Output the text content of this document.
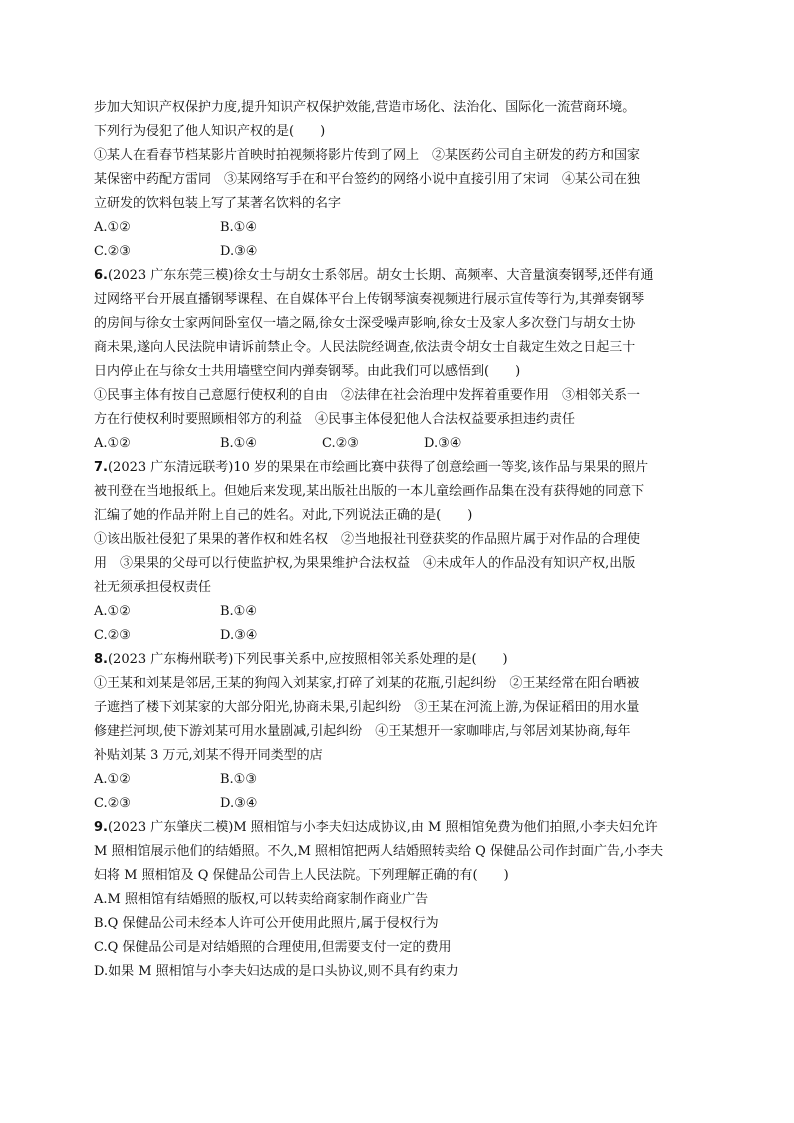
步加大知识产权保护力度,提升知识产权保护效能,营造市场化、法治化、国际化一流营商环境。
下列行为侵犯了他人知识产权的是(　　)
①某人在看春节档某影片首映时拍视频将影片传到了网上　②某医药公司自主研发的药方和国家
某保密中药配方雷同　③某网络写手在和平台签约的网络小说中直接引用了宋词　④某公司在独
立研发的饮料包装上写了某著名饮料的名字
A.①②	B.①④
C.②③	D.③④
6.(2023 广东东莞三模)徐女士与胡女士系邻居。胡女士长期、高频率、大音量演奏钢琴,还伴有通
过网络平台开展直播钢琴课程、在自媒体平台上传钢琴演奏视频进行展示宣传等行为,其弹奏钢琴
的房间与徐女士家两间卧室仅一墙之隔,徐女士深受噪声影响,徐女士及家人多次登门与胡女士协
商未果,遂向人民法院申请诉前禁止令。人民法院经调查,依法责令胡女士自裁定生效之日起三十
日内停止在与徐女士共用墙壁空间内弹奏钢琴。由此我们可以感悟到(　　)
①民事主体有按自己意愿行使权利的自由　②法律在社会治理中发挥着重要作用　③相邻关系一
方在行使权利时要照顾相邻方的利益　④民事主体侵犯他人合法权益要承担违约责任
A.①②	B.①④	C.②③	D.③④
7.(2023 广东清远联考)10 岁的果果在市绘画比赛中获得了创意绘画一等奖,该作品与果果的照片
被刊登在当地报纸上。但她后来发现,某出版社出版的一本儿童绘画作品集在没有获得她的同意下
汇编了她的作品并附上自己的姓名。对此,下列说法正确的是(　　)
①该出版社侵犯了果果的著作权和姓名权　②当地报社刊登获奖的作品照片属于对作品的合理使
用　③果果的父母可以行使监护权,为果果维护合法权益　④未成年人的作品没有知识产权,出版
社无须承担侵权责任
A.①②	B.①④
C.②③	D.③④
8.(2023 广东梅州联考)下列民事关系中,应按照相邻关系处理的是(　　)
①王某和刘某是邻居,王某的狗闯入刘某家,打碎了刘某的花瓶,引起纠纷　②王某经常在阳台晒被
子遮挡了楼下刘某家的大部分阳光,协商未果,引起纠纷　③王某在河流上游,为保证稻田的用水量
修建拦河坝,使下游刘某可用水量剧减,引起纠纷　④王某想开一家咖啡店,与邻居刘某协商,每年
补贴刘某 3 万元,刘某不得开同类型的店
A.①②	B.①③
C.②③	D.③④
9.(2023 广东肇庆二模)M 照相馆与小李夫妇达成协议,由 M 照相馆免费为他们拍照,小李夫妇允许
M 照相馆展示他们的结婚照。不久,M 照相馆把两人结婚照转卖给 Q 保健品公司作封面广告,小李夫
妇将 M 照相馆及 Q 保健品公司告上人民法院。下列理解正确的有(　　)
A.M 照相馆有结婚照的版权,可以转卖给商家制作商业广告
B.Q 保健品公司未经本人许可公开使用此照片,属于侵权行为
C.Q 保健品公司是对结婚照的合理使用,但需要支付一定的费用
D.如果 M 照相馆与小李夫妇达成的是口头协议,则不具有约束力
